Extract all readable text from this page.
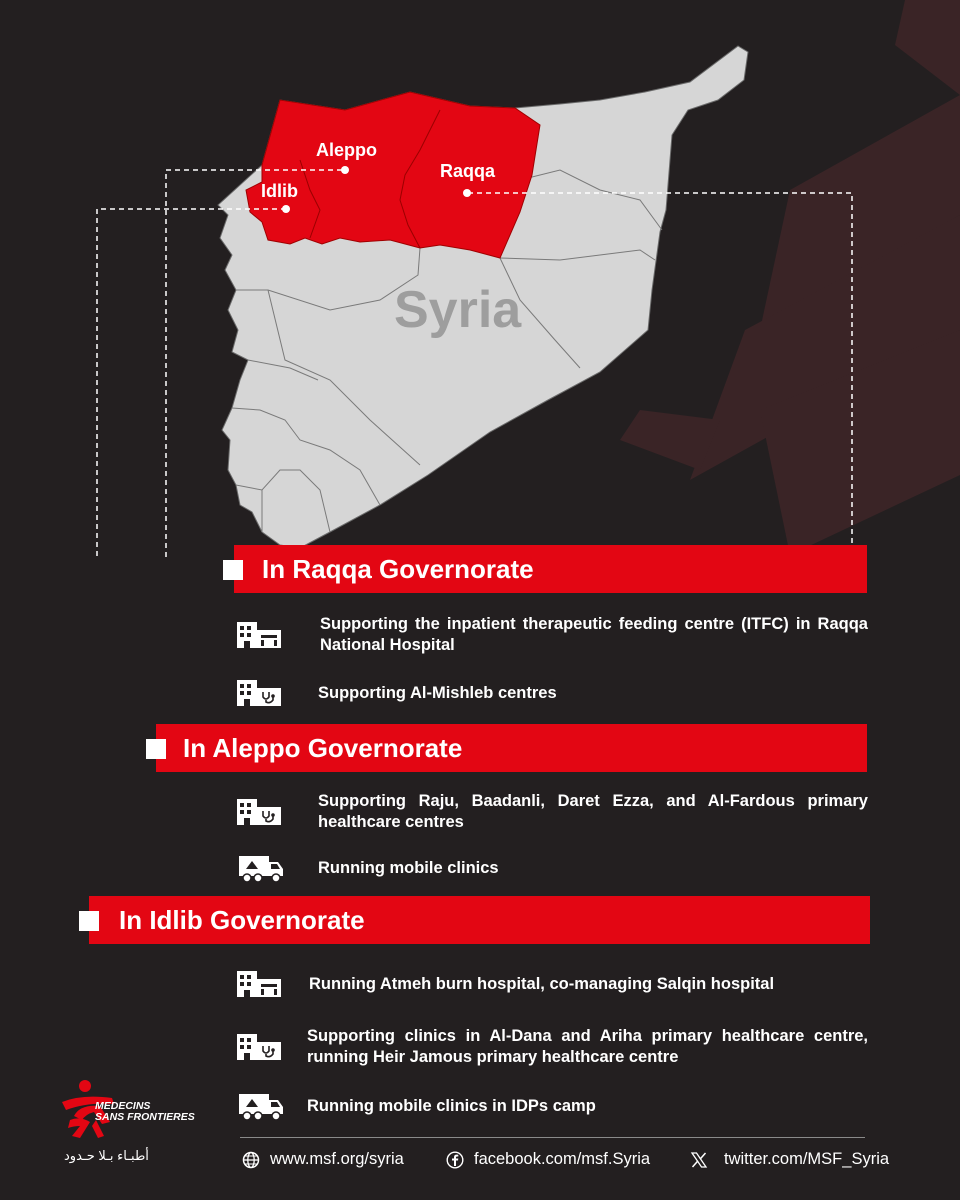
Aleppo
Raqqa
Idlib
Syria
In Raqqa Governorate
Supporting the inpatient therapeutic feeding centre (ITFC) in Raqqa National Hospital
Supporting Al-Mishleb centres
In Aleppo Governorate
Supporting Raju, Baadanli, Daret Ezza, and Al-Fardous primary healthcare centres
Running mobile clinics
In Idlib Governorate
Running Atmeh burn hospital, co-managing Salqin hospital
Supporting clinics in Al-Dana and Ariha primary healthcare centre, running Heir Jamous primary healthcare centre
Running mobile clinics in IDPs camp
MEDECINS
SANS FRONTIERES
أطبـاء بـلا حـدود	www.msf.org/syria	facebook.com/msf.Syria	twitter.com/MSF_Syria
